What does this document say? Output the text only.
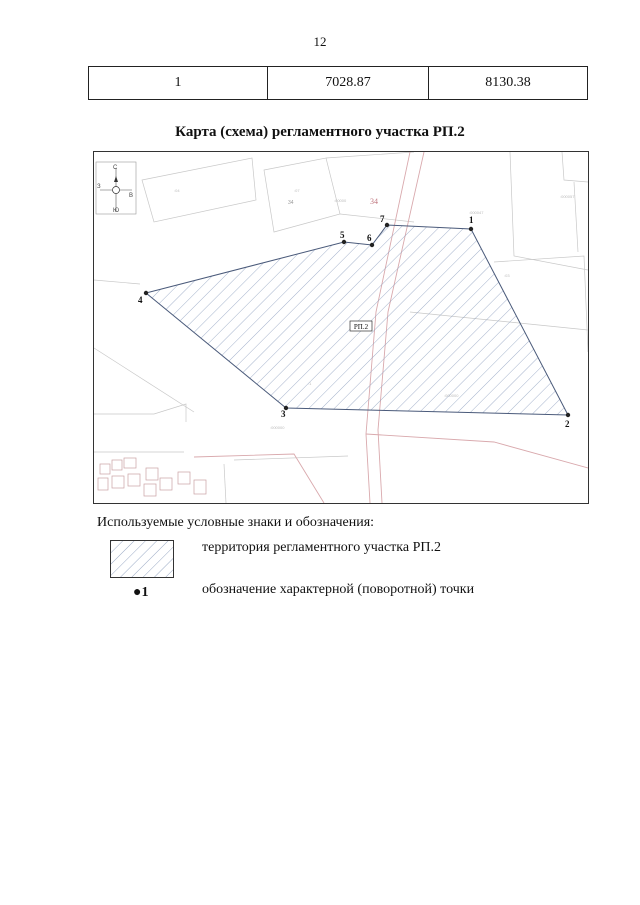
12
1	7028.87	8130.38
Карта (схема) регламентного участка РП.2
:04	:07
:00000
:000047
:000057
:000000
:03
34
34
РП.2
1
2
3
4
5	6
7
С
Ю
З
В
Используемые условные знаки и обозначения:
территория регламентного участка РП.2
●1	обозначение характерной (поворотной) точки
